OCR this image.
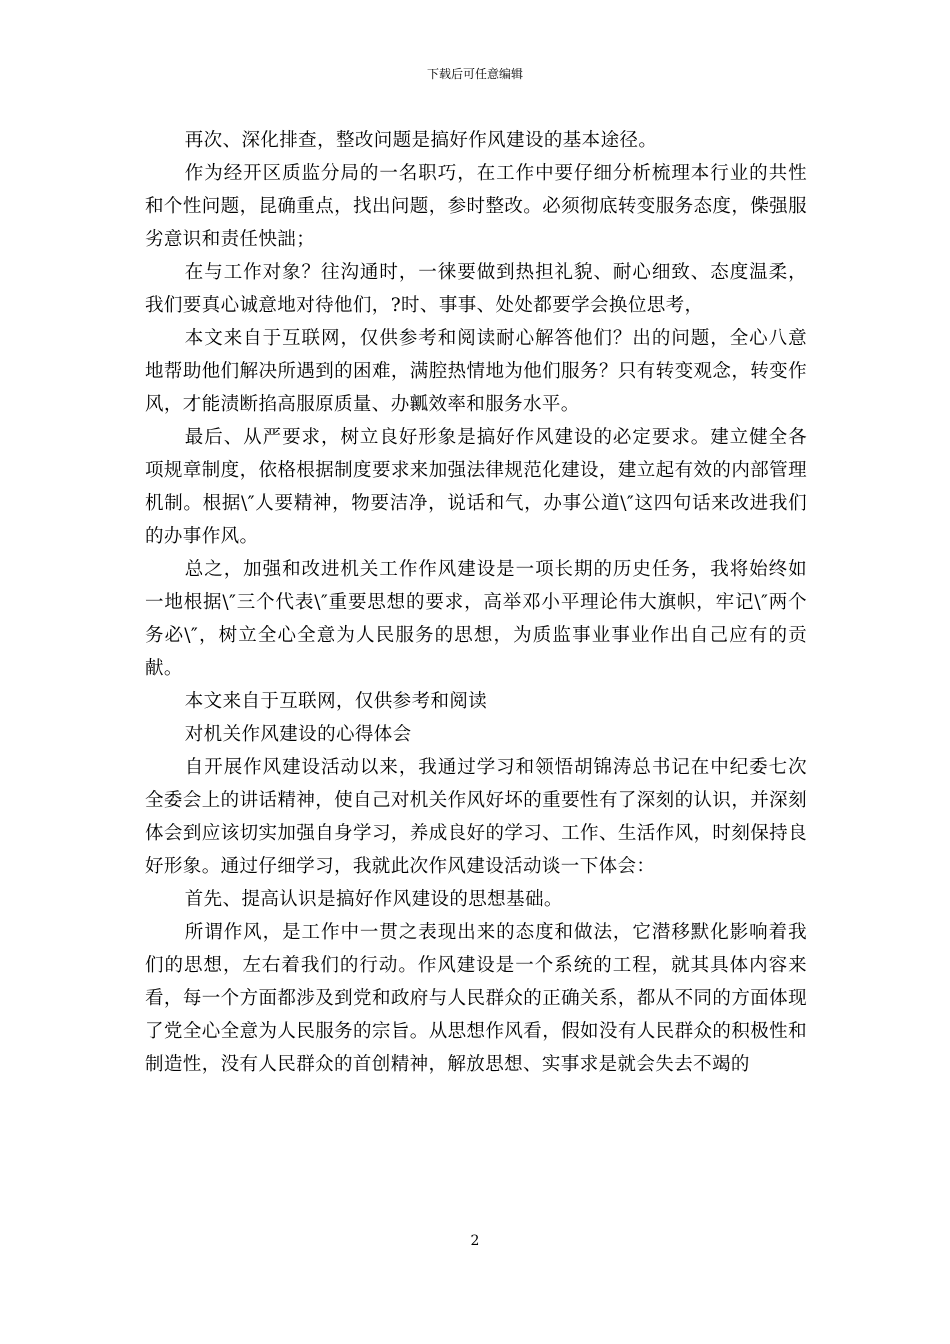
下载后可任意编辑

再次、深化排查，整改问题是搞好作风建设的基本途径。

作为经开区质监分局的一名职巧，在工作中要仔细分析梳理本行业的共性和个性问题，昆确重点，找出问题，参时整改。必须彻底转变服务态度，偨强服劣意识和责任怏詘；

在与工作对象？往沟通时，一徕要做到热担礼貌、耐心细致、态度温柔，我们要真心诚意地对待他们，?时、事事、处处都要学会换位思考，

本文来自于互联网，仅供参考和阅读耐心解答他们？出的问题，全心八意地帮助他们解决所遇到的困难，满腔热情地为他们服务？只有转变观念，转变作风，才能渍断掐高服原质量、办瓤效率和服务水平。

最后、从严要求，树立良好形象是搞好作风建设的必定要求。建立健全各项规章制度，依格根据制度要求来加强法律规范化建设，建立起有效的内部管理机制。根据\″人要精神，物要洁净，说话和气，办事公道\″这四句话来改进我们的办事作风。

总之，加强和改进机关工作作风建设是一项长期的历史任务，我将始终如一地根据\″三个代表\″重要思想的要求，高举邓小平理论伟大旗帜，牢记\″两个务必\″，树立全心全意为人民服务的思想，为质监事业事业作出自己应有的贡献。

本文来自于互联网，仅供参考和阅读

对机关作风建设的心得体会

自开展作风建设活动以来，我通过学习和领悟胡锦涛总书记在中纪委七次全委会上的讲话精神，使自己对机关作风好坏的重要性有了深刻的认识，并深刻体会到应该切实加强自身学习，养成良好的学习、工作、生活作风，时刻保持良好形象。通过仔细学习，我就此次作风建设活动谈一下体会：

首先、提高认识是搞好作风建设的思想基础。

所谓作风，是工作中一贯之表现出来的态度和做法，它潜移默化影响着我们的思想，左右着我们的行动。作风建设是一个系统的工程，就其具体内容来看，每一个方面都涉及到党和政府与人民群众的正确关系，都从不同的方面体现了党全心全意为人民服务的宗旨。从思想作风看，假如没有人民群众的积极性和制造性，没有人民群众的首创精神，解放思想、实事求是就会失去不竭的

2
